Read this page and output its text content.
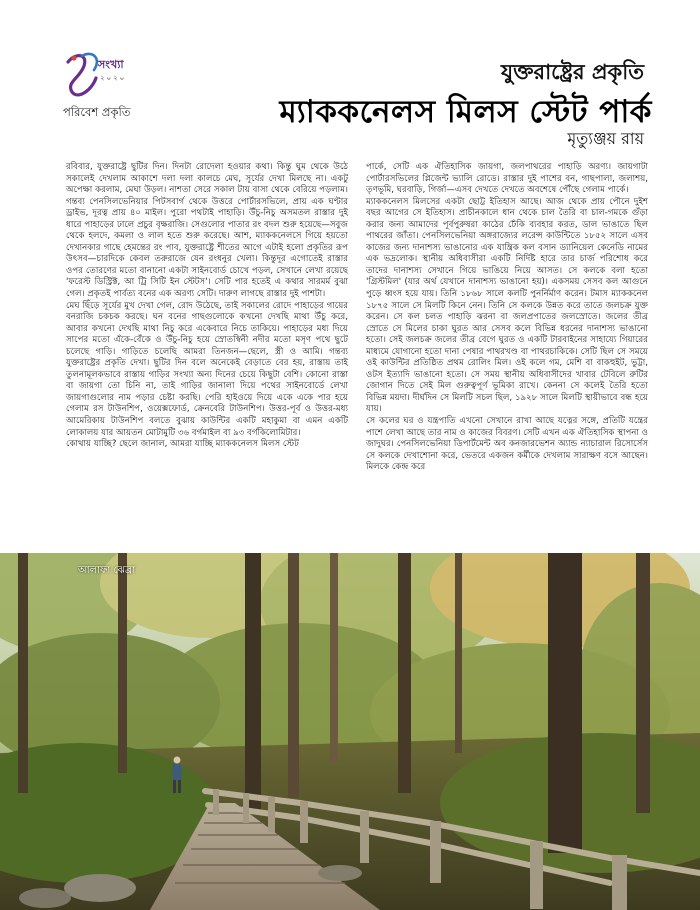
সংখ্যা
২০২০
পরিবেশ প্রকৃতি
যুক্তরাষ্ট্রের প্রকৃতি
ম্যাককনেলস মিলস স্টেট পার্ক
মৃত্যুঞ্জয় রায়

রবিবার, যুক্তরাষ্ট্রে ছুটির দিন। দিনটা রোদেলা হওয়ার কথা। কিন্তু ঘুম থেকে উঠে সকালেই দেখলাম আকাশে দলা দলা কালচে মেঘ, সূর্যের দেখা মিলছে না। একটু অপেক্ষা করলাম, মেঘা উড়ল। নাশতা সেরে সকাল টায় বাসা থেকে বেরিয়ে পড়লাম। গন্তব্য পেনসিলভেনিয়ার পিটসবার্গ থেকে উত্তরে পোর্টারসভিলে, প্রায় এক ঘণ্টার ড্রাইভ, দূরত্ব প্রায় ৪০ মাইল। পুরো পথটাই পাহাড়ি। উঁচু-নিচু অসমতল রাস্তার দুই ধারে পাহাড়ের ঢালে প্রচুর বৃক্ষরাজি। সেগুলোর পাতার রং বদল শুরু হয়েছে—সবুজ থেকে হলদে, কমলা ও লাল হতে শুরু করেছে। আশ, ম্যাককনেলসে গিয়ে হয়তো দেখানকার গাছে হেমন্তের রং পাব, যুক্তরাষ্ট্রে শীতের আগে এটাই হলো প্রকৃতির রূপ উৎসব—চারদিকে কেবল তরুরাজে যেন রংধনুর খেলা। কিন্তুদূর এগোতেই রাস্তার ওপর তোরণের মতো বানানো একটা সাইনবোর্ড চোখে পড়ল, সেখানে লেখা রয়েছে 'ফরেস্ট ডিস্ট্রিক্ট, আ ট্রি সিটি ইন স্টেটস'। সেটি পার হতেই এ কথার সারমর্ম বুঝা গেল। প্রকৃতই পার্বত্য বনের এক অরণ্য সেটি। দারুণ লাগছে রাস্তার দুই পাশটা।

মেঘ ছিঁড়ে সূর্যের মুখ দেখা গেল, রোদ উঠেছে, তাই সকালের রোদে পাহাড়ের গায়ের বনরাজি চকচক করছে। ঘন বনের গাছগুলোকে কখনো দেখছি মাথা উঁচু করে, আবার কখনো দেখছি মাথা নিচু করে একেবারে নিচে তাকিয়ে। পাহাড়ের মধ্য দিয়ে সাপের মতো এঁকে-বেঁকে ও উঁচু-নিচু হয়ে স্রোতস্বিনী নদীর মতো মসৃণ পথে ছুটে চলেছে গাড়ি। গাড়িতে চলেছি আমরা তিনজন—ছেলে, স্ত্রী ও আমি। গন্তব্য যুক্তরাষ্ট্রের প্রকৃতি দেখা। ছুটির দিন বলে অনেকেই বেড়াতে বের হয়, রাস্তায় তাই তুলনামূলকভাবে রাস্তায় গাড়ির সংখ্যা অন্য দিনের চেয়ে কিছুটা বেশি। কোনো রাস্তা বা জায়গা তো চিনি না, তাই গাড়ির জানালা দিয়ে পথের সাইনবোর্ডে লেখা জায়গাগুলোর নাম পড়ার চেষ্টা করছি। পেরি হাইওয়ে দিয়ে একে একে পার হয়ে গেলাম রস টাউনশিপ, ওয়েক্সফোর্ড, ক্রেনবেরি টাউনশিপ। উত্তর-পূর্ব ও উত্তর-মধ্য আমেরিকায় টাউনশিপ বলতে বুঝায় কাউন্টির একটি মহাকুমা বা এমন একটি লোকালয় যার আয়তন মোটামুটি ৩৬ বর্গমাইল বা ৯৩ বর্গকিলোমিটার।

কোথায় যাচ্ছি? ছেলে জানাল, আমরা যাচ্ছি ম্যাককনেলস মিলস স্টেট

পার্কে, সেটি এক ঐতিহাসিক জায়গা, জলপাথরের পাহাড়ি অরণ্য। জায়গাটা পোর্টারসভিলের প্লিজেন্ট ভ্যালি রোডে। রাস্তার দুই পাশের বন, গাছপালা, জলাশয়, তৃণভূমি, ঘরবাড়ি, গির্জা—এসব দেখতে দেখতে অবশেষে পৌঁছে গেলাম পার্কে।

ম্যাককনেলস মিলসের একটা ছোট্ট ইতিহাস আছে। আজ থেকে প্রায় পৌনে দুইশ বছর আগের সে ইতিহাস। প্রাচীনকালে ধান থেকে চাল তৈরি বা চাল-গমকে গুঁড়া করার জন্য আমাদের পূর্বপুরুষরা কাঠের ঢেঁকি ব্যবহার করত, ডাল ভাঙাতে ছিল পাথরের জাঁতা। পেনসিলভেনিয়া অঙ্গরাজ্যের লরেন্স কাউন্টিতে ১৮৫২ সালে এসব কাজের জন্য দানাশস্য ভাঙানোর এক যান্ত্রিক কল বসান ড্যানিয়েল কেনেডি নামের এক ভদ্রলোক। স্থানীয় অধিবাসীরা একটি নির্দিষ্ট হারে তার চার্জ পরিশোধ করে তাদের দানাশস্য সেখানে গিয়ে ভাঙিয়ে নিয়ে আসত। সে কলকে বলা হতো 'গ্রিস্টমিল' (যার অর্থ যেখানে দানাশস্য ভাঙানো হয়)। একসময় সেসব কল আগুনে পুড়ে ধ্বংস হয়ে যায়। তিনি ১৮৬৮ সালে কলটি পুনর্নির্মাণ করেন। টমাস ম্যাককনেল ১৮৭৫ সালে সে মিলটি কিনে নেন। তিনি সে কলকে উন্নত করে তাতে জলচক্র যুক্ত করেন। সে কল চলত পাহাড়ি ঝরনা বা জলপ্রপাতের জলস্রোতে। জলের তীব্র স্রোতে সে মিলের চাকা ঘুরত আর সেসব কলে বিভিন্ন ধরনের দানাশস্য ভাঙানো হতো। সেই জলচক্র জলের তীব্র বেগে ঘুরত ও একটি টারবাইনের সাহায্যে গিয়ারের মাধ্যমে যোগানো হতো দানা পেষার পাথরখণ্ড বা পাথরচাকিকে। সেটি ছিল সে সময়ে ওই কাউন্টির প্রতিষ্ঠিত প্রথম রোলিং মিল। ওই কলে গম, মেশি বা বাকহুইট, ভুট্টা, ওটস ইত্যাদি ভাঙানো হতো। সে সময় স্থানীয় অধিবাসীদের খাবার টেবিলে রুটির জোগান দিতে সেই মিল গুরুত্বপূর্ণ ভূমিকা রাখে। কেননা সে কলেই তৈরি হতো বিভিন্ন ময়দা। দীর্ঘদিন সে মিলটি সচল ছিল, ১৯২৮ সালে মিলটি স্থায়ীভাবে বন্ধ হয়ে যায়।

সে কলের ঘর ও যন্ত্রপাতি এখনো সেখানে রাখা আছে যত্নের সঙ্গে, প্রতিটি যন্ত্রের পাশে লেখা আছে তার নাম ও কাজের বিবরণ। সেটি এখন এক ঐতিহাসিক স্থাপনা ও জাদুঘর। পেনসিলভেনিয়া ডিপার্টমেন্ট অব কনজারভেশন অ্যান্ড ন্যাচারাল রিসোর্সেস সে কলকে দেখাশোনা করে, ভেতরে একজন কর্মীকে দেখলাম সারাক্ষণ বসে আছেন। মিলকে কেন্দ্র করে

আলাফা ঝেব্রা
